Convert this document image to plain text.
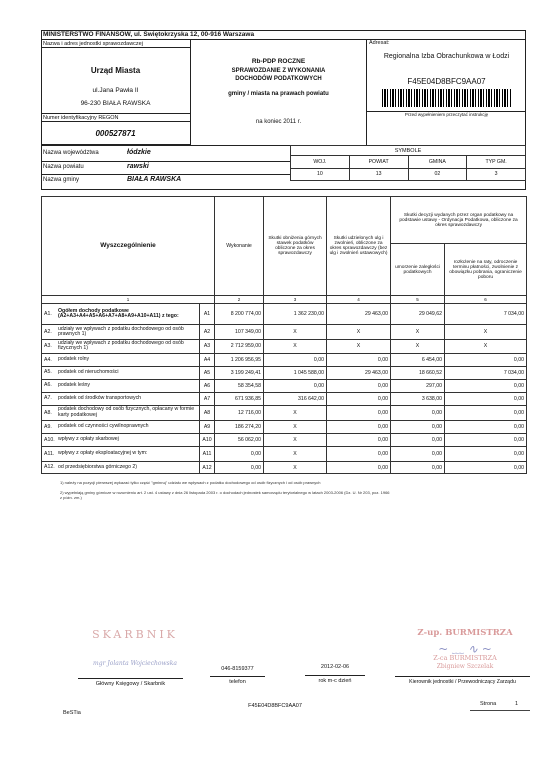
MINISTERSTWO FINANSÓW, ul. Świętokrzyska 12, 00-916 Warszawa
Nazwa i adres jednostki sprawozdawczej
Urząd Miasta
ul.Jana Pawła II
96-230 BIAŁA RAWSKA
Numer identyfikacyjny REGON
000527871
Rb-PDP ROCZNE
SPRAWOZDANIE Z WYKONANIA DOCHODÓW PODATKOWYCH
gminy / miasta na prawach powiatu
na koniec 2011 r.
Adresat:
Regionalna Izba Obrachunkowa w Łodzi
F45E04D8BFC9AA07
Przed wypełnieniem przeczytać instrukcję
Nazwa województwa	łódzkie
Nazwa powiatu	rawski
Nazwa gminy	BIAŁA RAWSKA
SYMBOLE			
WOJ.	POWIAT	GMINA	TYP GM.
10	13	02	3
Wyszczególnienie		Wykonanie	Skutki obniżenia górnych stawek podatków obliczone za okres sprawozdawczy	Skutki udzielonych ulg i zwolnień, obliczone za okres sprawozdawczy (bez ulg i zwolnień ustawowych)	Skutki decyzji wydanych przez organ podatkowy na podstawie ustawy - Ordynacja Podatkowa, obliczone za okres sprawozdawczy	
					umorzenie zaległości podatkowych	rozłożenie na raty, odroczenie terminu płatności, zwolnienie z obowiązku pobrania, ograniczenie poboru
1		2	3	4	5	6
A1.Ogółem dochody podatkowe (A2+A3+A4+A5+A6+A7+A8+A9+A10+A11) z tego:	A1	8 200 774,00	1 362 230,00	29 463,00	29 049,62	7 034,00
A2.udziały we wpływach z podatku dochodowego od osób prawnych 1)	A2	107 349,00	X	X	X	X
A3.udziały we wpływach z podatku dochodowego od osób fizycznych 1)	A3	2 712 959,00	X	X	X	X
A4. podatek rolny	A4	1 206 956,95	0,00	0,00	6 454,00	0,00
A5. podatek od nieruchomości	A5	3 199 249,41	1 045 588,00	29 463,00	18 660,52	7 034,00
A6. podatek leśny	A6	58 354,58	0,00	0,00	297,00	0,00
A7. podatek od środków transportowych	A7	671 936,85	316 642,00	0,00	3 638,00	0,00
A8.podatek dochodowy od osób fizycznych, opłacany w formie karty podatkowej	A8	12 716,00	X	0,00	0,00	0,00
A9. podatek od czynności cywilnoprawnych	A9	186 274,20	X	0,00	0,00	0,00
A10. wpływy z opłaty skarbowej	A10	56 062,00	X	0,00	0,00	0,00
A11. wpływy z opłaty eksploatacyjnej w tym:	A11	0,00	X	0,00	0,00	0,00
A12. od przedsiębiorstwa górniczego 2)	A12	0,00	X	0,00	0,00	0,00
1) należy na pozycji pierwszej wykazać tylko część "gminną" udziału we wpływach z podatku dochodowego od osób fizycznych i od osób prawnych
2) wypełniają gminy górnicze w rozumieniu art. 2 ust. 4 ustawy z dnia 26 listopada 2003 r. o dochodach jednostek samorządu terytorialnego w latach 2003-2006 (Dz. U. Nr 203, poz. 1966 z późn. zm.)
SKARBNIK
mgr Jolanta Wojciechowska
Główny Księgowy / Skarbnik
046-8159377
telefon
2012-02-06
rok m-c dzień
Z-up. BURMISTRZA
~ ﹏ ∿ ~
Z-ca BURMISTRZA
Zbigniew Szczelak
Kierownik jednostki / Przewodniczący Zarządu
BeSTia
F45E04D8BFC9AA07	Strona	1
